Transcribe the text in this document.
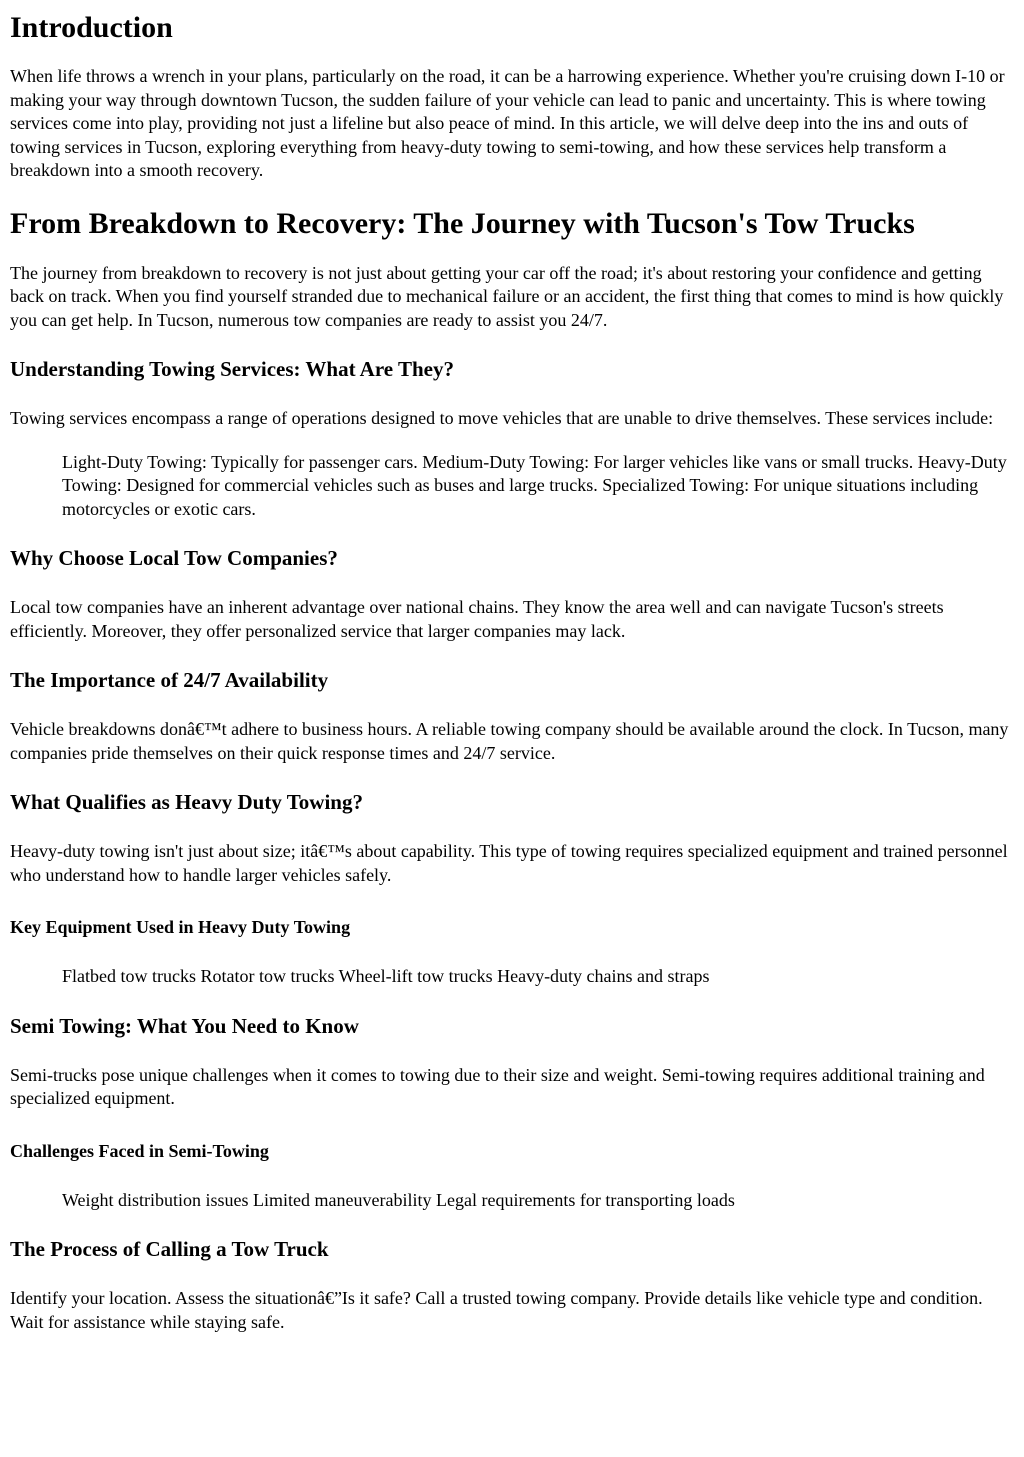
Introduction

When life throws a wrench in your plans, particularly on the road, it can be a harrowing experience. Whether you're cruising down I-10 or making your way through downtown Tucson, the sudden failure of your vehicle can lead to panic and uncertainty. This is where towing services come into play, providing not just a lifeline but also peace of mind. In this article, we will delve deep into the ins and outs of towing services in Tucson, exploring everything from heavy-duty towing to semi-towing, and how these services help transform a breakdown into a smooth recovery.

From Breakdown to Recovery: The Journey with Tucson's Tow Trucks

The journey from breakdown to recovery is not just about getting your car off the road; it's about restoring your confidence and getting back on track. When you find yourself stranded due to mechanical failure or an accident, the first thing that comes to mind is how quickly you can get help. In Tucson, numerous tow companies are ready to assist you 24/7.

Understanding Towing Services: What Are They?

Towing services encompass a range of operations designed to move vehicles that are unable to drive themselves. These services include:

Light-Duty Towing: Typically for passenger cars. Medium-Duty Towing: For larger vehicles like vans or small trucks. Heavy-Duty Towing: Designed for commercial vehicles such as buses and large trucks. Specialized Towing: For unique situations including motorcycles or exotic cars.

Why Choose Local Tow Companies?

Local tow companies have an inherent advantage over national chains. They know the area well and can navigate Tucson's streets efficiently. Moreover, they offer personalized service that larger companies may lack.

The Importance of 24/7 Availability

Vehicle breakdowns donâ€™t adhere to business hours. A reliable towing company should be available around the clock. In Tucson, many companies pride themselves on their quick response times and 24/7 service.

What Qualifies as Heavy Duty Towing?

Heavy-duty towing isn't just about size; itâ€™s about capability. This type of towing requires specialized equipment and trained personnel who understand how to handle larger vehicles safely.

Key Equipment Used in Heavy Duty Towing

Flatbed tow trucks Rotator tow trucks Wheel-lift tow trucks Heavy-duty chains and straps

Semi Towing: What You Need to Know

Semi-trucks pose unique challenges when it comes to towing due to their size and weight. Semi-towing requires additional training and specialized equipment.

Challenges Faced in Semi-Towing

Weight distribution issues Limited maneuverability Legal requirements for transporting loads

The Process of Calling a Tow Truck

Identify your location. Assess the situationâ€”Is it safe? Call a trusted towing company. Provide details like vehicle type and condition. Wait for assistance while staying safe.
